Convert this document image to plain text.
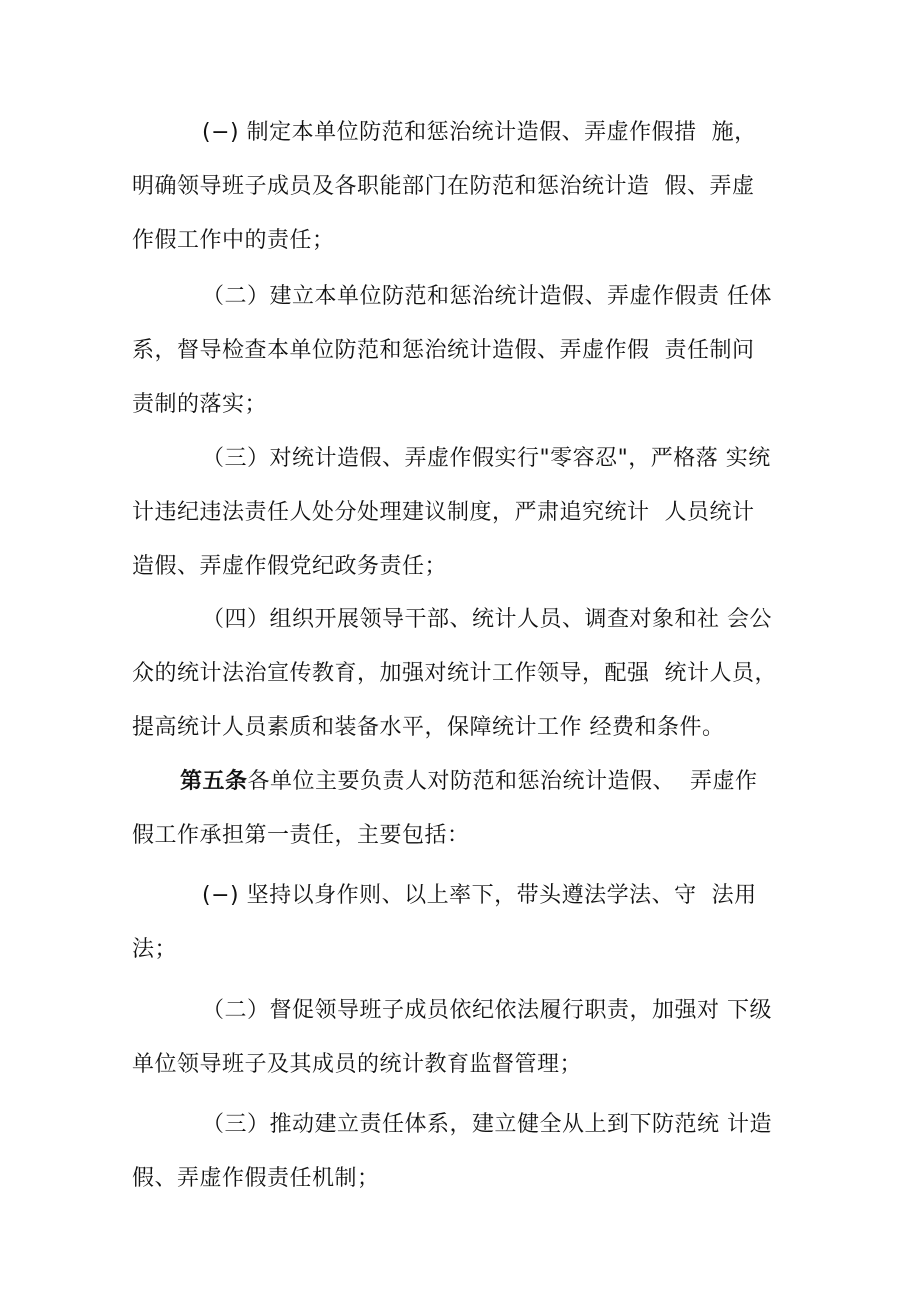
(−) 制定本单位防范和惩治统计造假、弄虚作假措  施，
明确领导班子成员及各职能部门在防范和惩治统计造  假、弄虚
作假工作中的责任；
（二）建立本单位防范和惩治统计造假、弄虚作假责 任体
系，督导检查本单位防范和惩治统计造假、弄虚作假  责任制问
责制的落实；
（三）对统计造假、弄虚作假实行"零容忍"，严格落 实统
计违纪违法责任人处分处理建议制度，严肃追究统计  人员统计
造假、弄虚作假党纪政务责任；
（四）组织开展领导干部、统计人员、调查对象和社 会公
众的统计法治宣传教育，加强对统计工作领导，配强  统计人员，
提高统计人员素质和装备水平，保障统计工作 经费和条件。
第五条各单位主要负责人对防范和惩治统计造假、  弄虚作
假工作承担第一责任，主要包括：
(−) 坚持以身作则、以上率下，带头遵法学法、守  法用
法；
（二）督促领导班子成员依纪依法履行职责，加强对 下级
单位领导班子及其成员的统计教育监督管理；
（三）推动建立责任体系，建立健全从上到下防范统 计造
假、弄虚作假责任机制；
